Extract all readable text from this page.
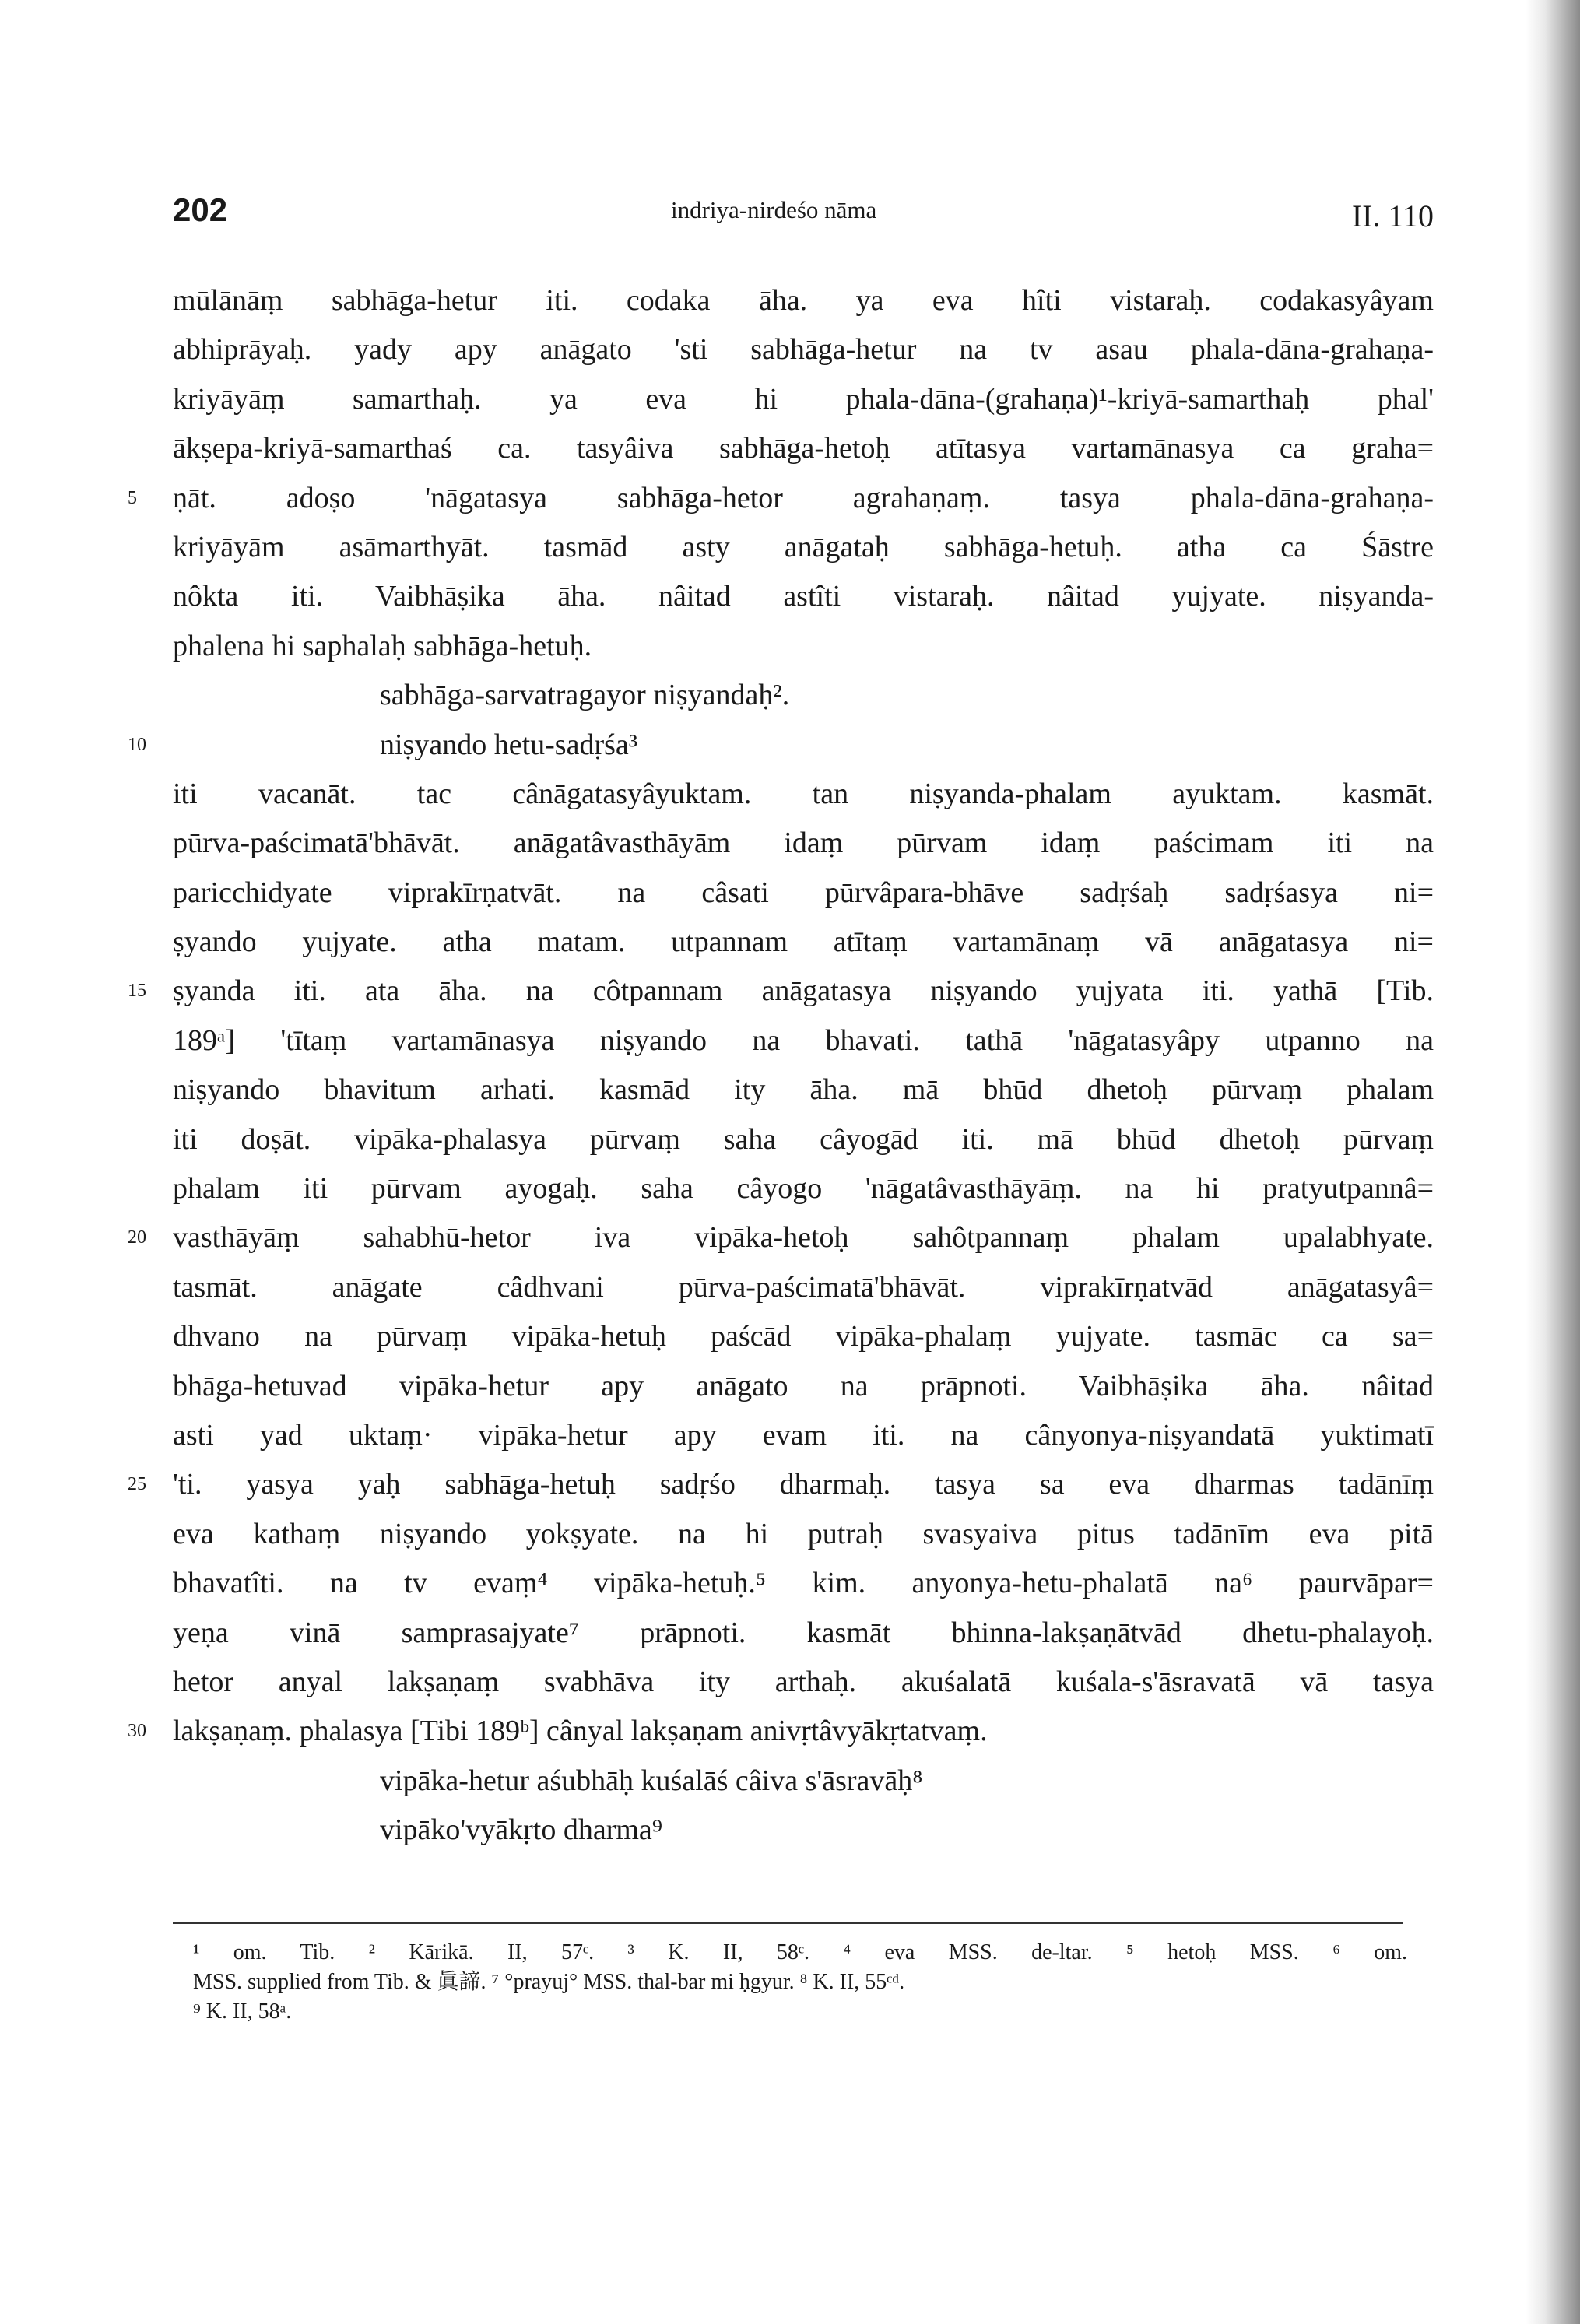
202	indriya-nirdeśo nāma	II. 110
mūlānāṃ sabhāga-hetur iti. codaka āha. ya eva hîti vistaraḥ. codakasyâyam
abhiprāyaḥ. yady apy anāgato 'sti sabhāga-hetur na tv asau phala-dāna-grahaṇa-
kriyāyāṃ samarthaḥ. ya eva hi phala-dāna-(grahaṇa)¹-kriyā-samarthaḥ phal'
ākṣepa-kriyā-samarthaś ca. tasyâiva sabhāga-hetoḥ atītasya vartamānasya ca graha=
5 ṇāt. adoṣo 'nāgatasya sabhāga-hetor agrahaṇaṃ. tasya phala-dāna-grahaṇa-
kriyāyām asāmarthyāt. tasmād asty anāgataḥ sabhāga-hetuḥ. atha ca Śāstre
nôkta iti. Vaibhāṣika āha. nâitad astîti vistaraḥ. nâitad yujyate. niṣyanda-
phalena hi saphalaḥ sabhāga-hetuḥ.
sabhāga-sarvatragayor niṣyandaḥ².
10	niṣyando hetu-sadṛśa³
iti vacanāt. tac cânāgatasyâyuktam. tan niṣyanda-phalam ayuktam. kasmāt.
pūrva-paścimatā'bhāvāt. anāgatâvasthāyām idaṃ pūrvam idaṃ paścimam iti na
paricchidyate viprakīrṇatvāt. na câsati pūrvâpara-bhāve sadṛśaḥ sadṛśasya ni=
ṣyando yujyate. atha matam. utpannam atītaṃ vartamānaṃ vā anāgatasya ni=
15 ṣyanda iti. ata āha. na côtpannam anāgatasya niṣyando yujyata iti. yathā [Tib.
189ᵃ] 'tītaṃ vartamānasya niṣyando na bhavati. tathā 'nāgatasyâpy utpanno na
niṣyando bhavitum arhati. kasmād ity āha. mā bhūd dhetoḥ pūrvaṃ phalam
iti doṣāt. vipāka-phalasya pūrvaṃ saha câyogād iti. mā bhūd dhetoḥ pūrvaṃ
phalam iti pūrvam ayogaḥ. saha câyogo 'nāgatâvasthāyāṃ. na hi pratyutpannâ=
20 vasthāyāṃ sahabhū-hetor iva vipāka-hetoḥ sahôtpannaṃ phalam upalabhyate.
tasmāt. anāgate câdhvani pūrva-paścimatā'bhāvāt. viprakīrṇatvād anāgatasyâ=
dhvano na pūrvaṃ vipāka-hetuḥ paścād vipāka-phalaṃ yujyate. tasmāc ca sa=
bhāga-hetuvad vipāka-hetur apy anāgato na prāpnoti. Vaibhāṣika āha. nâitad
asti yad uktaṃ· vipāka-hetur apy evam iti. na cânyonya-niṣyandatā yuktimatī
25 'ti. yasya yaḥ sabhāga-hetuḥ sadṛśo dharmaḥ. tasya sa eva dharmas tadānīṃ
eva kathaṃ niṣyando yokṣyate. na hi putraḥ svasyaiva pitus tadānīm eva pitā
bhavatîti. na tv evaṃ⁴ vipāka-hetuḥ.⁵ kim. anyonya-hetu-phalatā na⁶ paurvāpar=
yeṇa vinā samprasajyate⁷ prāpnoti. kasmāt bhinna-lakṣaṇātvād dhetu-phalayoḥ.
hetor anyal lakṣaṇaṃ svabhāva ity arthaḥ. akuśalatā kuśala-s'āsravatā vā tasya
30 lakṣaṇaṃ. phalasya [Tibi 189ᵇ] cânyal lakṣaṇam anivṛtâvyākṛtatvaṃ.
vipāka-hetur aśubhāḥ kuśalāś câiva s'āsravāḥ⁸
vipāko'vyākṛto dharma⁹
¹ om. Tib. ² Kārikā. II, 57ᶜ. ³ K. II, 58ᶜ. ⁴ eva MSS. de-ltar. ⁵ hetoḥ MSS. ⁶ om.
MSS. supplied from Tib. & 眞諦. ⁷ °prayuj° MSS. thal-bar mi ḥgyur. ⁸ K. II, 55ᶜᵈ.
⁹ K. II, 58ᵃ.
